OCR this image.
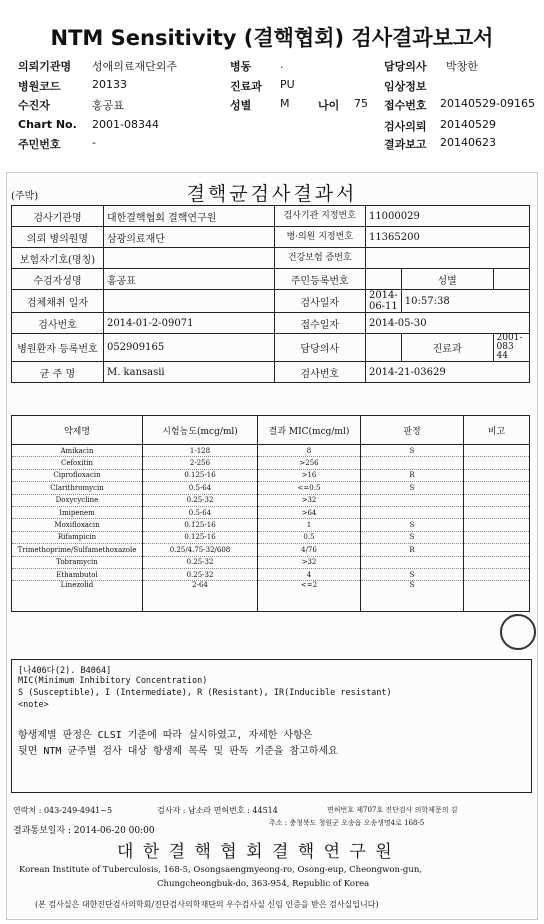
NTM Sensitivity (결핵협회) 검사결과보고서
의뢰기관명 성애의료재단외주	병동	.	담당의사 박창한
병원코드	20133	진료과 PU	임상정보
수진자	홍공표	성별	M	나이 75 접수번호 20140529-09165
Chart No. 2001-08344	검사의뢰 20140529
주민번호	-	결과보고 20140623
(주박)	결핵균검사결과서
검사기관명	대한결핵협회 결핵연구원	검사기관 지정번호	11000029		
의뢰 병의원명	삼광의료재단	병·의원 지정번호	11365200		
보험자기호(명칭)		건강보험 증번호			
수검자성명	홍공표	주민등록번호		성별	
검체채취 일자		검사일자	2014-06-11	10:57:38	
검사번호	2014-01-2-09071	접수일자	2014-05-30		
병원환자 등록번호	052909165	담당의사		진료과	2001-083 44
균 주 명	M. kansasii	검사번호	2014-21-03629		
약제명	시험농도(mcg/ml)	결과 MIC(mcg/ml)	판정	비고
Amikacin	1-128	8	S	
Cefoxitin	2-256	>256		
Ciprofloxacin	0.125-16	>16	R	
Clarithromycin	0.5-64	<=0.5	S	
Doxycycline	0.25-32	>32		
Imipenem	0.5-64	>64		
Moxifloxacin	0.125-16	1	S	
Rifampicin	0.125-16	0.5	S	
Trimethoprime/Sulfamethoxazole	0.25/4.75-32/608	4/76	R	
Tobramycin	0.25-32	>32		
Ethambutol	0.25-32	4	S	
Linezolid	2-64	<=2	S	
[나406다(2). B4064]
MIC(Minimum Inhibitory Concentration)
S (Susceptible), I (Intermediate), R (Resistant), IR(Inducible resistant)
<note>
항생제별 판정은 CLSI 기준에 따라 실시하였고, 자세한 사항은
뒷면 NTM 균주별 검사 대상 항생제 목록 및 판독 기준을 참고하세요
연락처 : 043-249-4941~5	검사자 : 남소라 면허번호 : 44514	면허번호 제707호 진단검사 의학제문의 김
결과통보일자 : 2014-06-20 00:00
주소 : 충청북도 청원군 오송읍 오송생명4로 168-5
대 한 결 핵 협 회 결 핵 연 구 원
Korean Institute of Tuberculosis, 168-5, Osongsaengmyeong-ro, Osong-eup, Cheongwon-gun,
Chungcheongbuk-do, 363-954, Republic of Korea
(본 검사실은 대한진단검사의학회/진단검사의학재단의 우수검사실 신임 인증을 받은 검사실입니다)
